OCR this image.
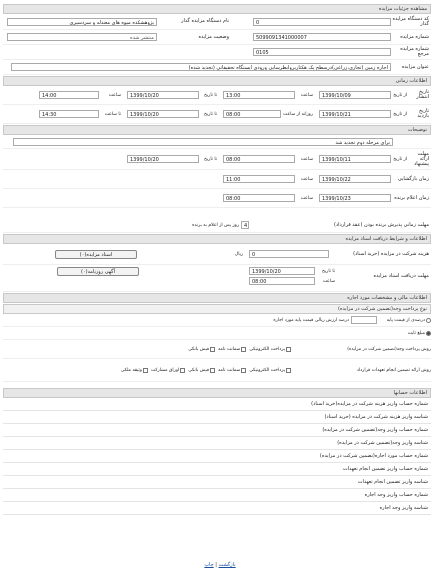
مشاهده جزئیات مزایده
کد دستگاه مزایده گذار
0
نام دستگاه مزایده گذار
پژوهشکده میوه های معتدله و سردسیری
شماره مزایده
5099091341000007
وضعیت مزایده
منتشر شده
شماره مزایده مرجع
0105
عنوان مزایده
اجاره زمین (تجاری،زراعی)درسطح یک هکتاربروابطرسایی ورودی ایستگاه تحقیقاتی (تجدید شده)
اطلاعات زمانی
تاریخ انتشار
از تاریخ
1399/10/09
ساعت
13:00
تا تاریخ
1399/10/20
ساعت
14:00
تاریخ بازدید
از تاریخ
1399/10/21
روزانه از ساعت
08:00
تا تاریخ
1399/10/20
تا ساعت
14:30
توضیحات
برای مرحله دوم تجدید شد
مهلت ارائه پیشنهاد
از تاریخ
1399/10/11
ساعت
08:00
تا تاریخ
1399/10/20
زمان بازگشایی
1399/10/22
ساعت
11:00
زمان اعلام برنده
1399/10/23
ساعت
08:00
مهلت زمانی پذیرش برنده بودن (عقد قرارداد)
4
روز پس از اعلام به برنده
اطلاعات و شرایط دریافت اسناد مزایده
هزینه شرکت در مزایده (خرید اسناد)
0
ریال
اسناد مزایده(۰)
مهلت دریافت اسناد مزایده
تا تاریخ
1399/10/20
ساعت
08:00
آگهی روزنامه(۰)
اطلاعات مالی و مشخصات مورد اجاره
نوع پرداخت وجه(تضمین شرکت در مزایده)
درصدی از قیمت پایه
درصد ارزش ریالی قیمت پایه مورد اجاره
مبلغ ثابت
روش پرداخت وجه(تضمین شرکت در مزایده)
پرداخت الکترونیکی
ضمانت نامه
فیش بانکی
روش ارائه تضمین انجام تعهدات قرارداد
پرداخت الکترونیکی
ضمانت نامه
فیش بانکی
اوراق مشارکت
وثیقه ملکی
اطلاعات حسابها
شماره حساب واریز هزینه شرکت در مزایده(خرید اسناد)
شناسه واریز هزینه شرکت در مزایده (خرید اسناد)
شماره حساب واریز وجه(تضمین شرکت در مزایده)
شناسه واریز وجه(تضمین شرکت در مزایده)
شماره حساب مورد اجاره(تضمین شرکت در مزایده)
شماره حساب واریز تضمین انجام تعهدات
شناسه واریز تضمین انجام تعهدات
شماره حساب واریز وجه اجاره
شناسه واریز وجه اجاره
بازگشت | چاپ
